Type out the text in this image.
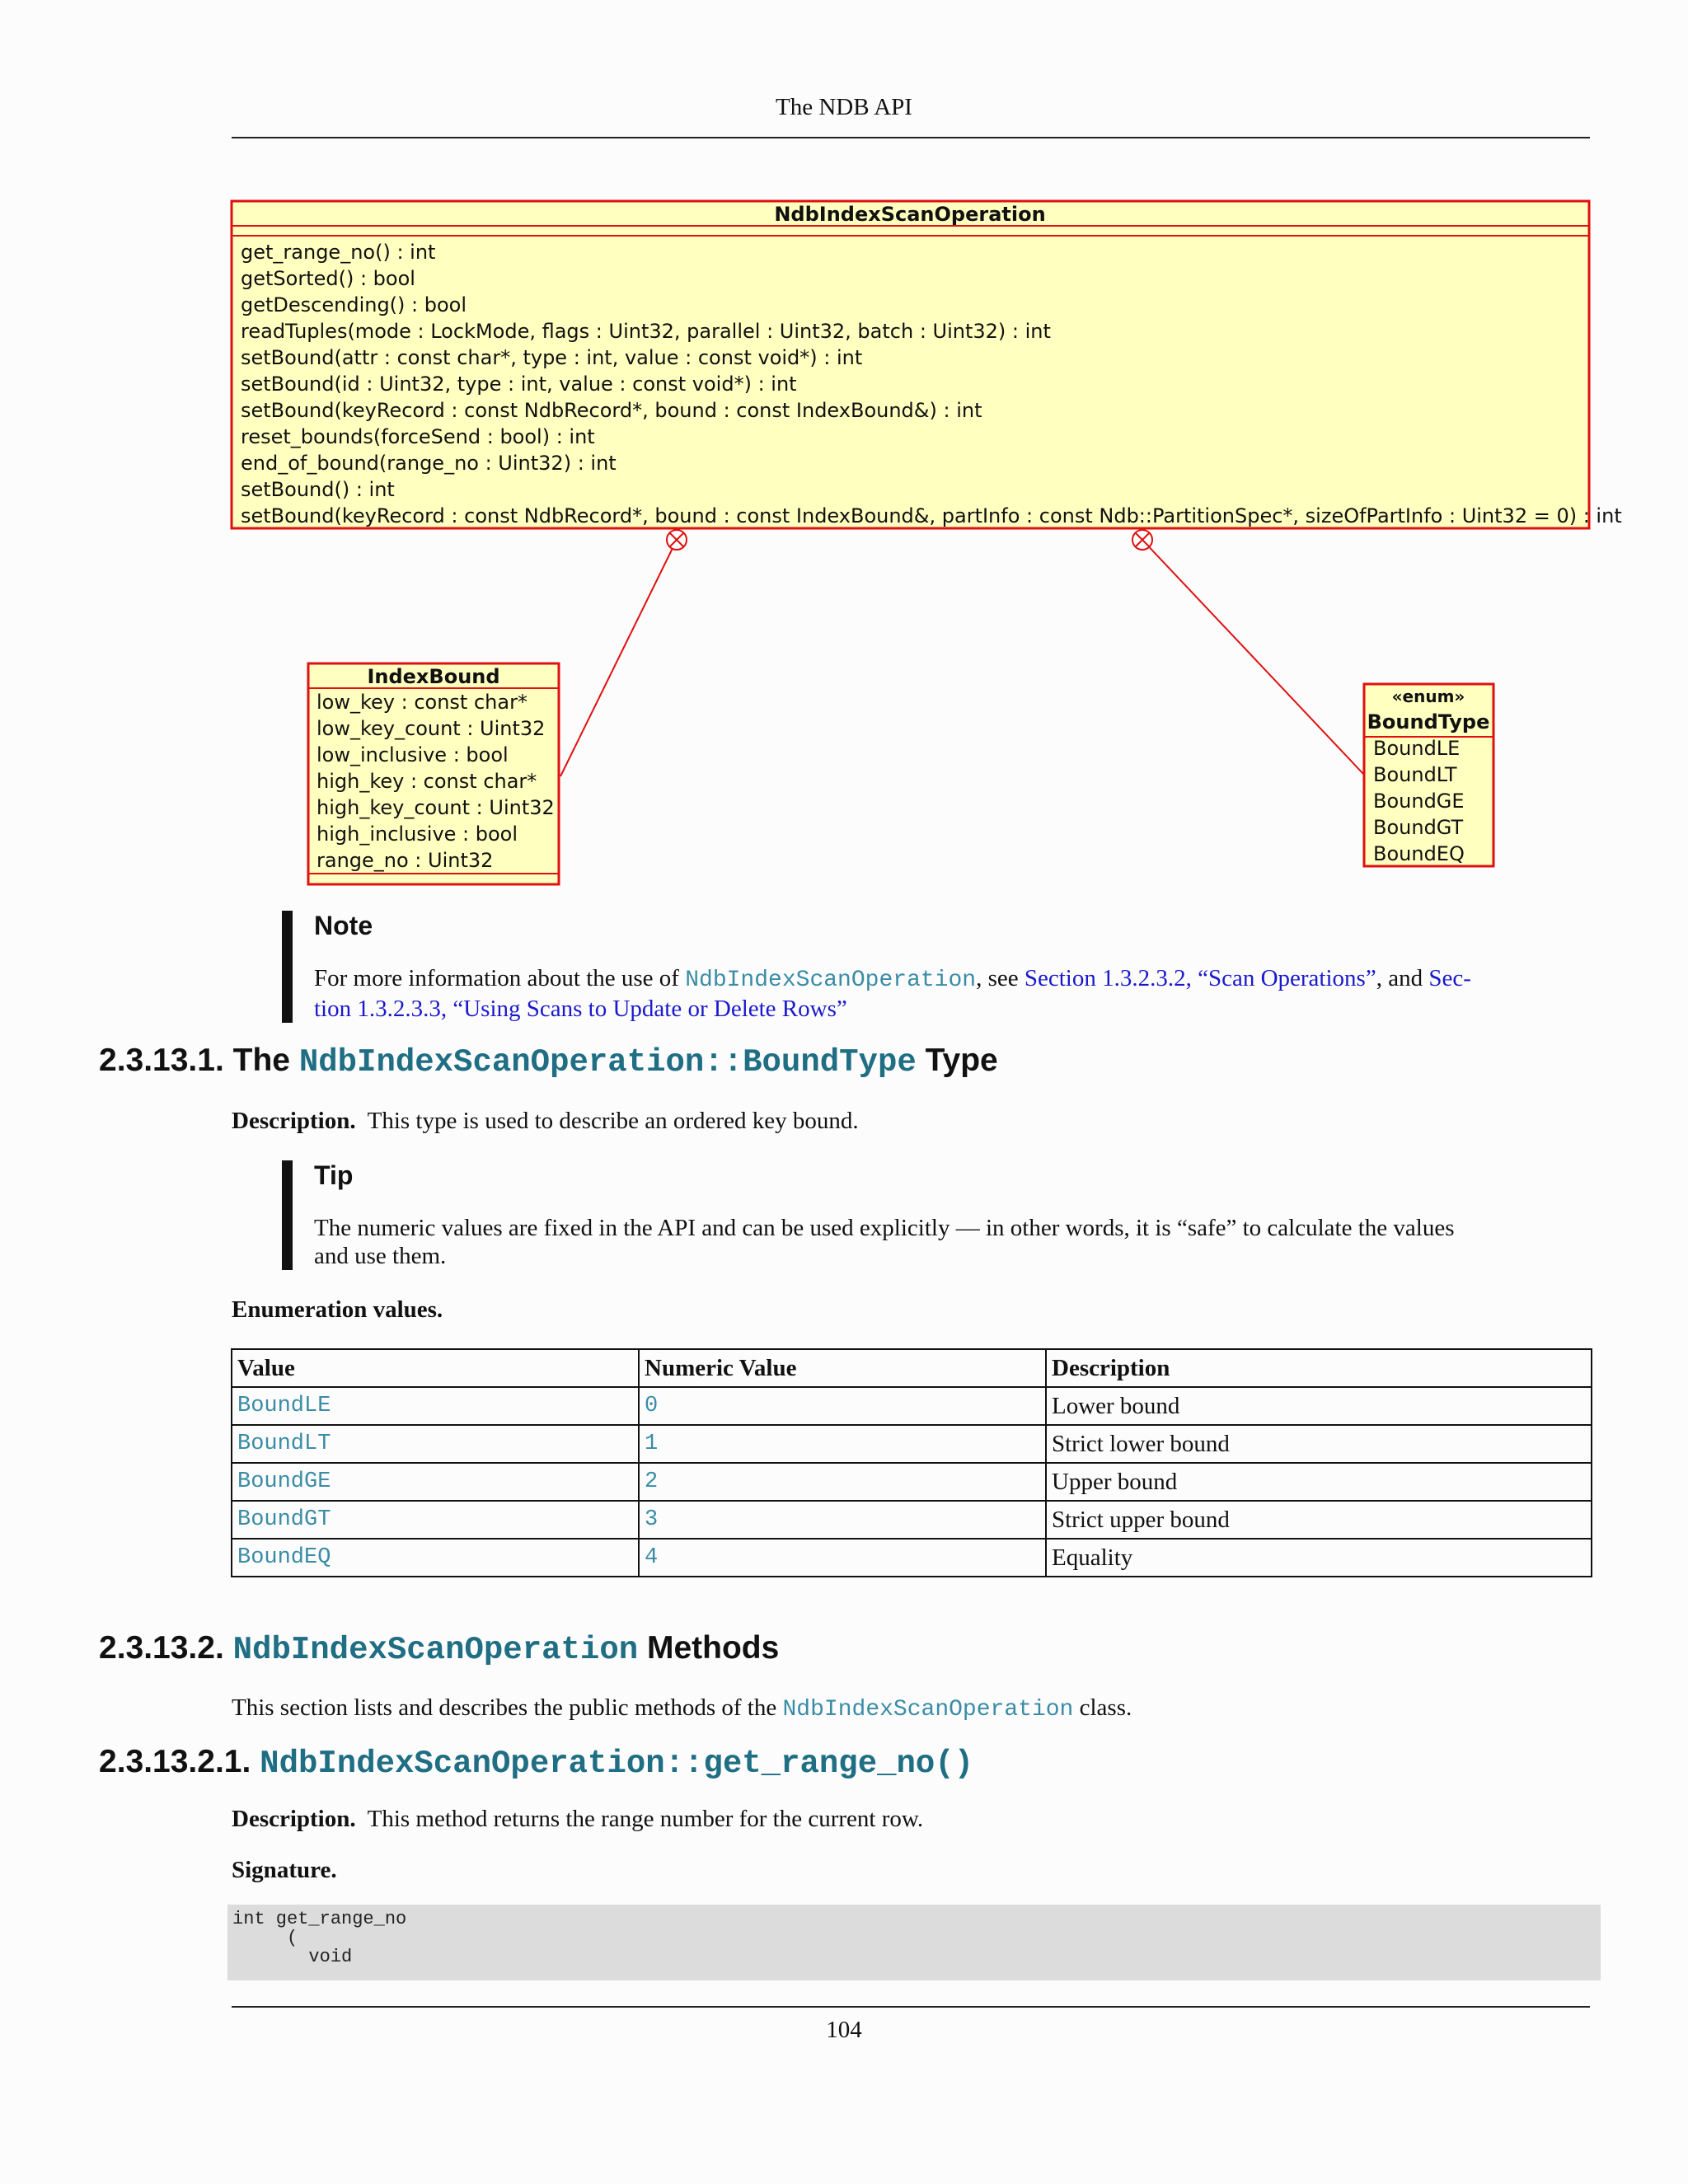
The NDB API
NdbIndexScanOperation
get_range_no() : int
getSorted() : bool
getDescending() : bool
readTuples(mode : LockMode, flags : Uint32, parallel : Uint32, batch : Uint32) : int
setBound(attr : const char*, type : int, value : const void*) : int
setBound(id : Uint32, type : int, value : const void*) : int
setBound(keyRecord : const NdbRecord*, bound : const IndexBound&) : int
reset_bounds(forceSend : bool) : int
end_of_bound(range_no : Uint32) : int
setBound() : int
setBound(keyRecord : const NdbRecord*, bound : const IndexBound&, partInfo : const Ndb::PartitionSpec*, sizeOfPartInfo : Uint32 = 0) : int
IndexBound
low_key : const char*
low_key_count : Uint32
low_inclusive : bool
high_key : const char*
high_key_count : Uint32
high_inclusive : bool
range_no : Uint32
«enum»
BoundType
BoundLE
BoundLT
BoundGE
BoundGT
BoundEQ
Note
For more information about the use of NdbIndexScanOperation, see Section 1.3.2.3.2, “Scan Operations”, and Sec-
tion 1.3.2.3.3, “Using Scans to Update or Delete Rows”
2.3.13.1. The NdbIndexScanOperation::BoundType Type
Description. This type is used to describe an ordered key bound.
Tip
The numeric values are fixed in the API and can be used explicitly — in other words, it is “safe” to calculate the values
and use them.
Enumeration values.
Value	Numeric Value	Description
BoundLE	0	Lower bound
BoundLT	1	Strict lower bound
BoundGE	2	Upper bound
BoundGT	3	Strict upper bound
BoundEQ	4	Equality
2.3.13.2. NdbIndexScanOperation Methods
This section lists and describes the public methods of the NdbIndexScanOperation class.
2.3.13.2.1. NdbIndexScanOperation::get_range_no()
Description. This method returns the range number for the current row.
Signature.
int get_range_no
(
void
104
